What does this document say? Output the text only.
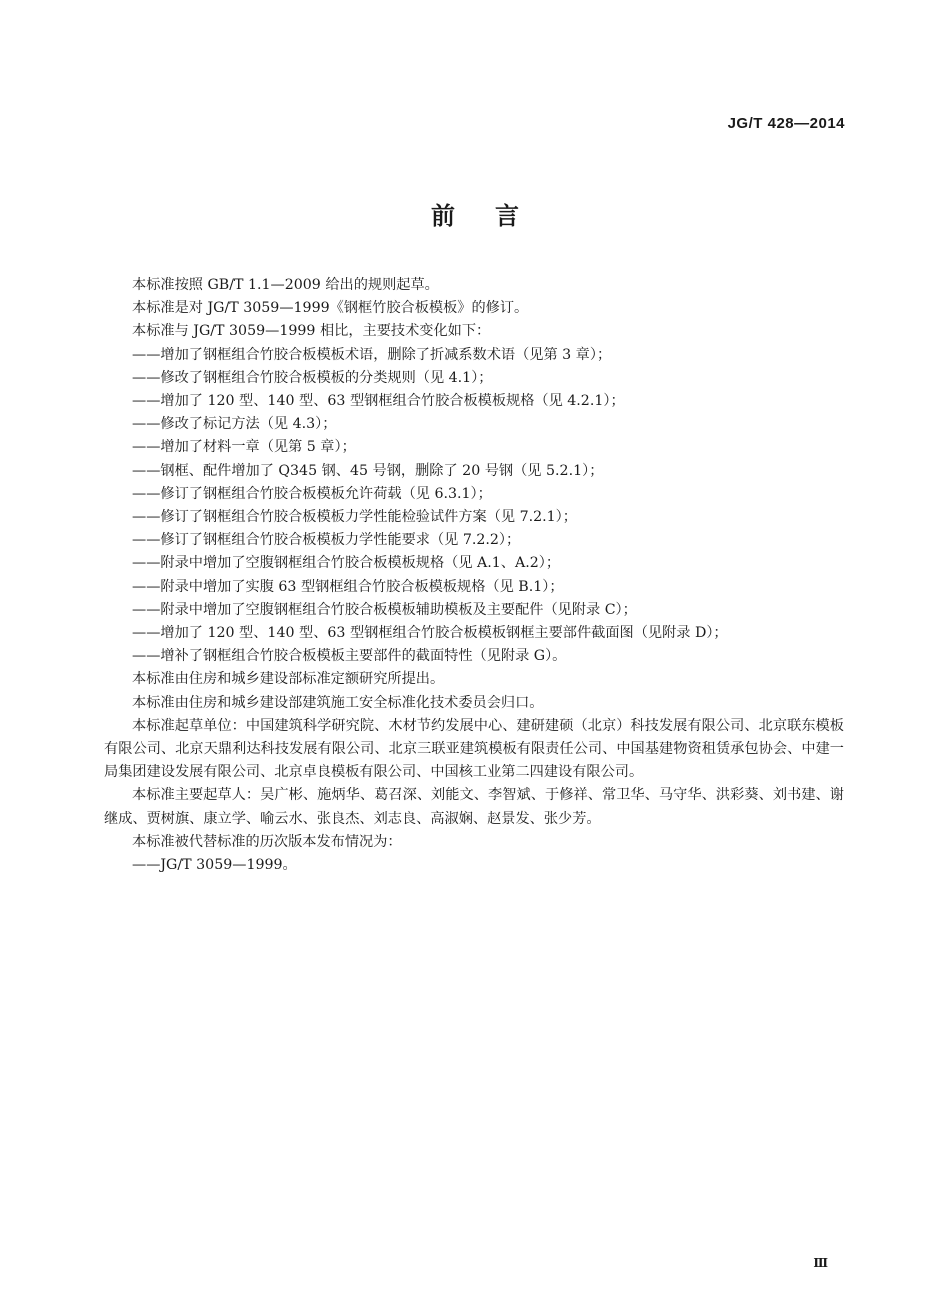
JG/T 428—2014
前言

本标准按照 GB/T 1.1—2009 给出的规则起草。

本标准是对 JG/T 3059—1999《钢框竹胶合板模板》的修订。

本标准与 JG/T 3059—1999 相比，主要技术变化如下：

——增加了钢框组合竹胶合板模板术语，删除了折减系数术语（见第 3 章）；

——修改了钢框组合竹胶合板模板的分类规则（见 4.1）；

——增加了 120 型、140 型、63 型钢框组合竹胶合板模板规格（见 4.2.1）；

——修改了标记方法（见 4.3）；

——增加了材料一章（见第 5 章）；

——钢框、配件增加了 Q345 钢、45 号钢，删除了 20 号钢（见 5.2.1）；

——修订了钢框组合竹胶合板模板允许荷载（见 6.3.1）；

——修订了钢框组合竹胶合板模板力学性能检验试件方案（见 7.2.1）；

——修订了钢框组合竹胶合板模板力学性能要求（见 7.2.2）；

——附录中增加了空腹钢框组合竹胶合板模板规格（见 A.1、A.2）；

——附录中增加了实腹 63 型钢框组合竹胶合板模板规格（见 B.1）；

——附录中增加了空腹钢框组合竹胶合板模板辅助模板及主要配件（见附录 C）；

——增加了 120 型、140 型、63 型钢框组合竹胶合板模板钢框主要部件截面图（见附录 D）；

——增补了钢框组合竹胶合板模板主要部件的截面特性（见附录 G）。

本标准由住房和城乡建设部标准定额研究所提出。

本标准由住房和城乡建设部建筑施工安全标准化技术委员会归口。

本标准起草单位：中国建筑科学研究院、木材节约发展中心、建研建硕（北京）科技发展有限公司、北京联东模板有限公司、北京天鼎利达科技发展有限公司、北京三联亚建筑模板有限责任公司、中国基建物资租赁承包协会、中建一局集团建设发展有限公司、北京卓良模板有限公司、中国核工业第二四建设有限公司。

本标准主要起草人：吴广彬、施炳华、葛召深、刘能文、李智斌、于修祥、常卫华、马守华、洪彩葵、刘书建、谢继成、贾树旗、康立学、喻云水、张良杰、刘志良、高淑娴、赵景发、张少芳。

本标准被代替标准的历次版本发布情况为：

——JG/T 3059—1999。

Ⅲ
